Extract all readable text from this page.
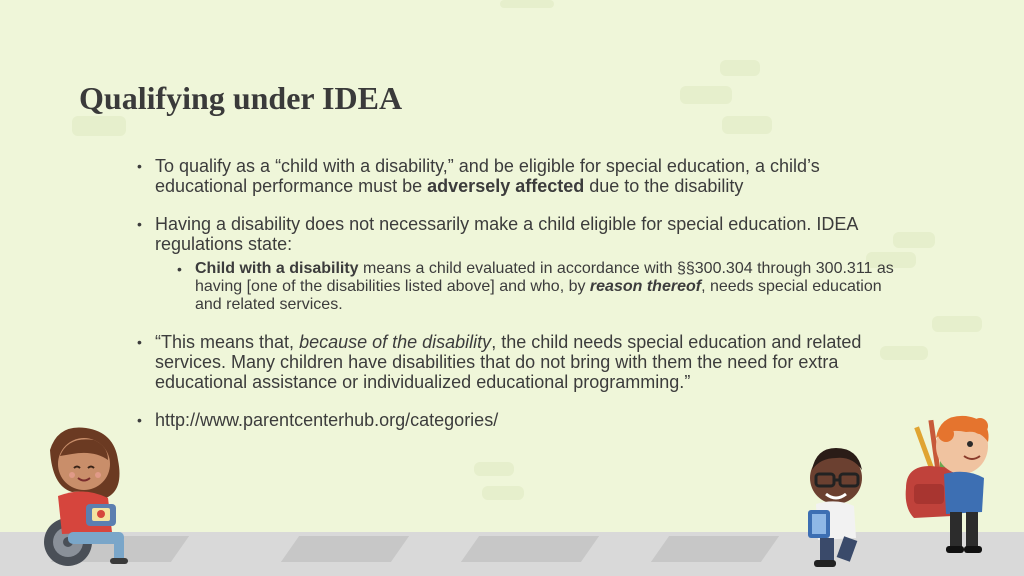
Qualifying under IDEA
• To qualify as a “child with a disability,” and be eligible for special education, a child’s educational performance must be adversely affected due to the disability
• Having a disability does not necessarily make a child eligible for special education. IDEA regulations state:
• Child with a disability means a child evaluated in accordance with §§300.304 through 300.311 as having [one of the disabilities listed above] and who, by reason thereof, needs special education and related services.
• “This means that, because of the disability, the child needs special education and related services. Many children have disabilities that do not bring with them the need for extra educational assistance or individualized educational programming.”
• http://www.parentcenterhub.org/categories/
